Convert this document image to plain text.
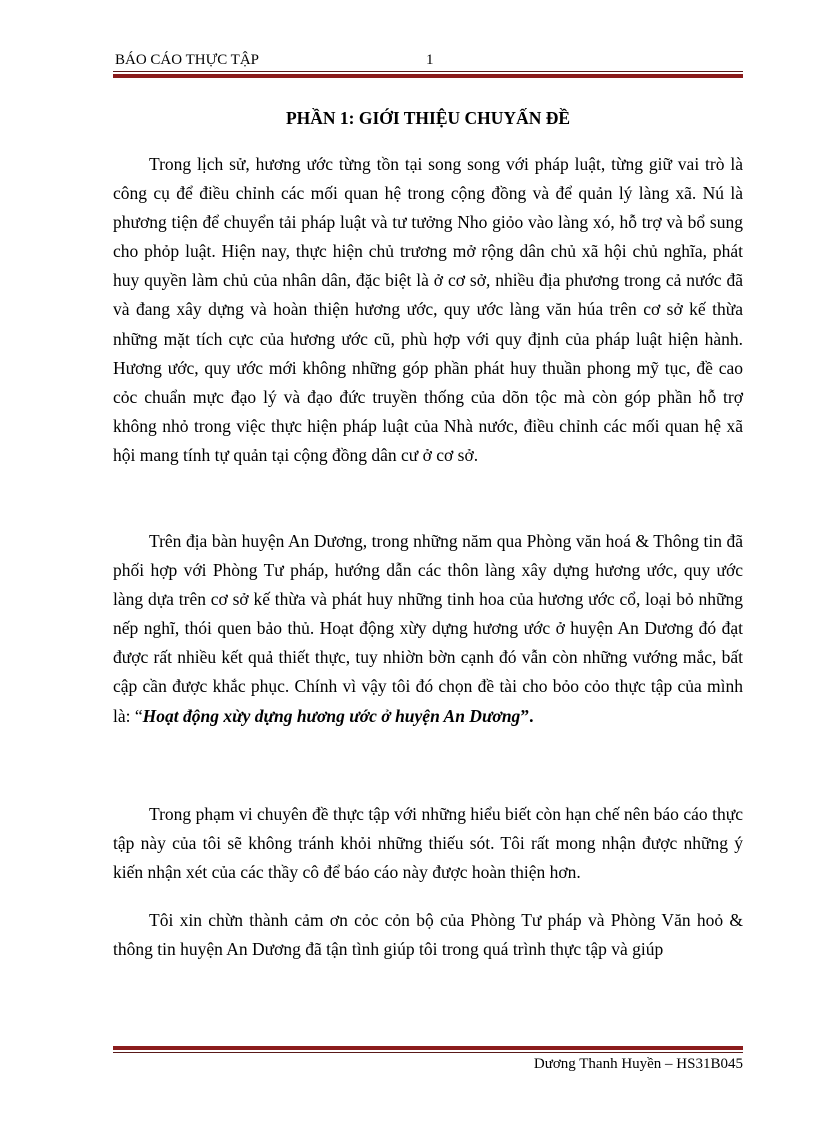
BÁO CÁO THỰC TẬP	1
PHẦN 1: GIỚI THIỆU CHUYẤN ĐỀ

Trong lịch sử, hương ước từng tồn tại song song với pháp luật, từng giữ vai trò là công cụ để điều chỉnh các mối quan hệ trong cộng đồng và để quản lý làng xã. Nú là phương tiện để chuyển tải pháp luật và tư tưởng Nho giỏo vào làng xó, hỗ trợ và bổ sung cho phỏp luật. Hiện nay, thực hiện chủ trương mở rộng dân chủ xã hội chủ nghĩa, phát huy quyền làm chủ của nhân dân, đặc biệt là ở cơ sở, nhiều địa phương trong cả nước đã và đang xây dựng và hoàn thiện hương ước, quy ước làng văn húa trên cơ sở kế thừa những mặt tích cực của hương ước cũ, phù hợp với quy định của pháp luật hiện hành. Hương ước, quy ước mới không những góp phần phát huy thuần phong mỹ tục, đề cao cỏc chuẩn mực đạo lý và đạo đức truyền thống của dõn tộc mà còn góp phần hỗ trợ không nhỏ trong việc thực hiện pháp luật của Nhà nước, điều chỉnh các mối quan hệ xã hội mang tính tự quản tại cộng đồng dân cư ở cơ sở.

Trên địa bàn huyện An Dương, trong những năm qua Phòng văn hoá & Thông tin đã phối hợp với Phòng Tư pháp, hướng dẫn các thôn làng xây dựng hương ước, quy ước làng dựa trên cơ sở kế thừa và phát huy những tinh hoa của hương ước cổ, loại bỏ những nếp nghĩ, thói quen bảo thủ. Hoạt động xừy dựng hương ước ở huyện An Dương đó đạt được rất nhiều kết quả thiết thực, tuy nhiờn bờn cạnh đó vẫn còn những vướng mắc, bất cập cần được khắc phục. Chính vì vậy tôi đó chọn đề tài cho bỏo cỏo thực tập của mình là: “Hoạt động xừy dựng hương ước ở huyện An Dương”.

Trong phạm vi chuyên đề thực tập với những hiểu biết còn hạn chế nên báo cáo thực tập này của tôi sẽ không tránh khỏi những thiếu sót. Tôi rất mong nhận được những ý kiến nhận xét của các thầy cô để báo cáo này được hoàn thiện hơn.

Tôi xin chừn thành cảm ơn cỏc cỏn bộ của Phòng Tư pháp và Phòng Văn hoỏ & thông tin huyện An Dương đã tận tình giúp tôi trong quá trình thực tập và giúp

Dương Thanh Huyền – HS31B045
